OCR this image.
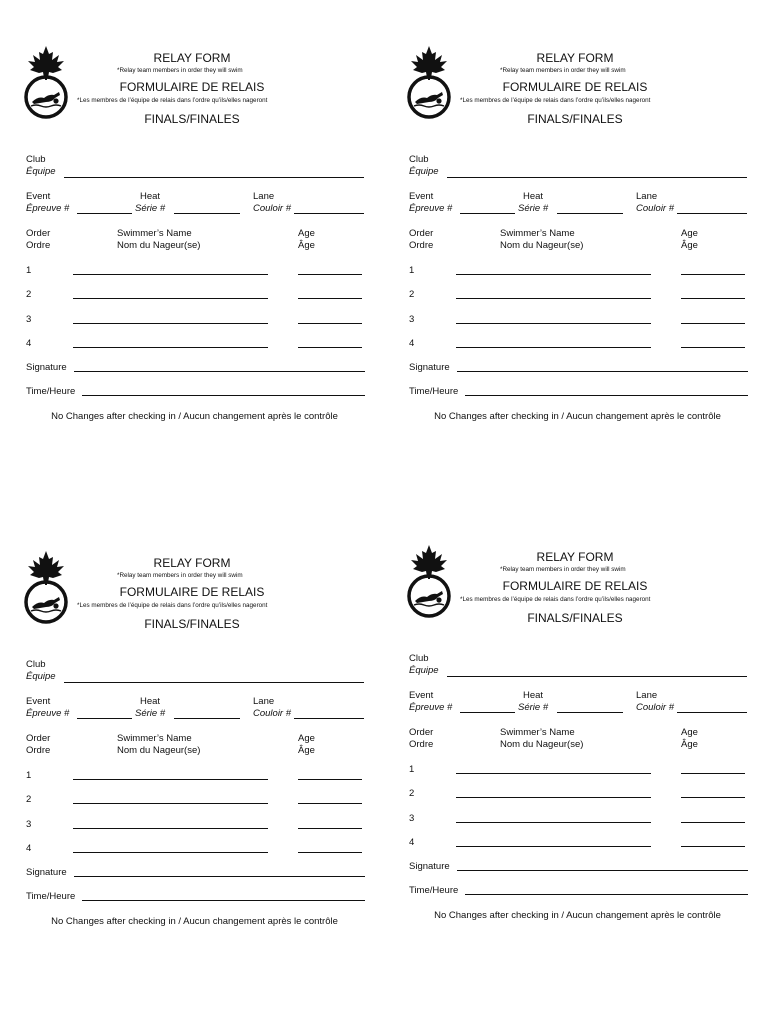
RELAY FORM
*Relay team members in order they will swim
FORMULAIRE DE RELAIS
*Les membres de l’équipe de relais dans l’ordre qu’ils/elles nageront
FINALS/FINALES
Club
Équipe
Event
Épreuve #
Heat
Série #
Lane
Couloir #
Order
Ordre
Swimmer’s Name
Nom du Nageur(se)
Age
Âge
1
2
3
4
Signature
Time/Heure
No Changes after checking in / Aucun changement après le contrôle
RELAY FORM
*Relay team members in order they will swim
FORMULAIRE DE RELAIS
*Les membres de l’équipe de relais dans l’ordre qu’ils/elles nageront
FINALS/FINALES
Club
Équipe
Event
Épreuve #
Heat
Série #
Lane
Couloir #
Order
Ordre
Swimmer’s Name
Nom du Nageur(se)
Age
Âge
1
2
3
4
Signature
Time/Heure
No Changes after checking in / Aucun changement après le contrôle
RELAY FORM
*Relay team members in order they will swim
FORMULAIRE DE RELAIS
*Les membres de l’équipe de relais dans l’ordre qu’ils/elles nageront
FINALS/FINALES
Club
Équipe
Event
Épreuve #
Heat
Série #
Lane
Couloir #
Order
Ordre
Swimmer’s Name
Nom du Nageur(se)
Age
Âge
1
2
3
4
Signature
Time/Heure
No Changes after checking in / Aucun changement après le contrôle
RELAY FORM
*Relay team members in order they will swim
FORMULAIRE DE RELAIS
*Les membres de l’équipe de relais dans l’ordre qu’ils/elles nageront
FINALS/FINALES
Club
Équipe
Event
Épreuve #
Heat
Série #
Lane
Couloir #
Order
Ordre
Swimmer’s Name
Nom du Nageur(se)
Age
Âge
1
2
3
4
Signature
Time/Heure
No Changes after checking in / Aucun changement après le contrôle
